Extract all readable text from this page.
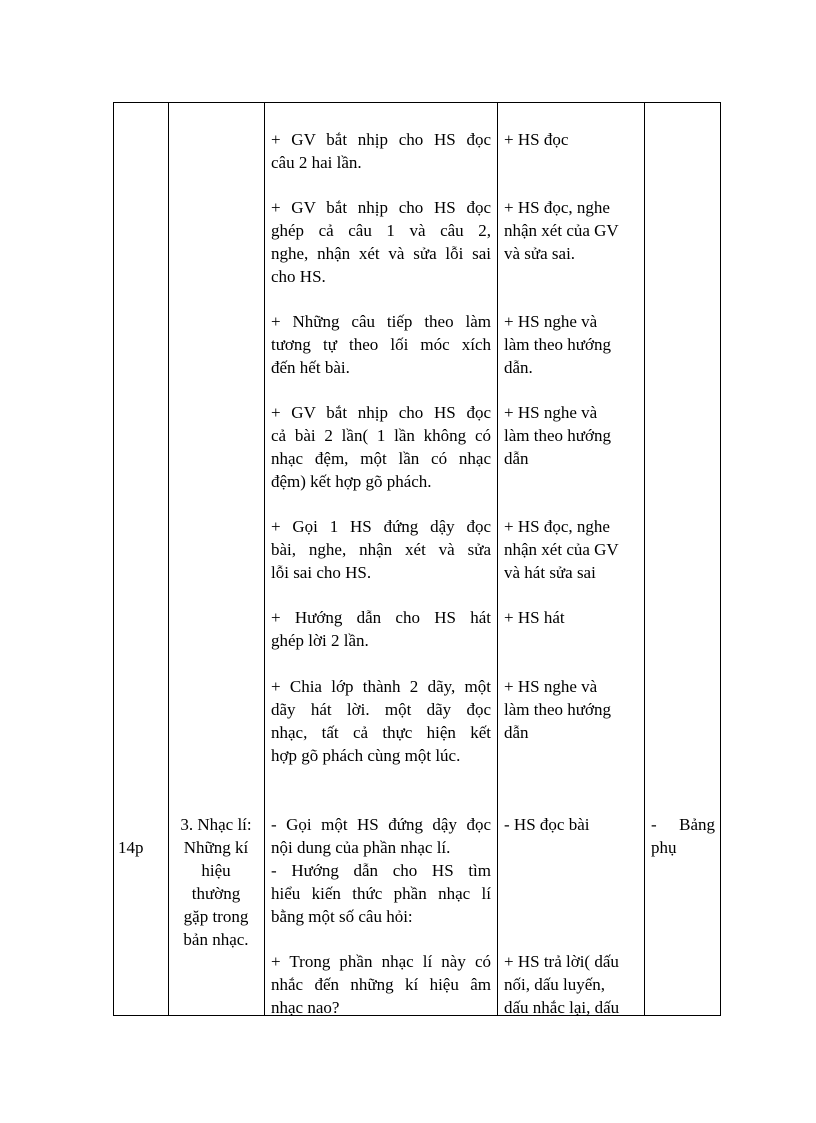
+ GV bắt nhịp cho HS đọc
câu 2 hai lần.
+ GV bắt nhịp cho HS đọc
ghép cả câu 1 và câu 2,
nghe, nhận xét và sửa lỗi sai
cho HS.
+ Những câu tiếp theo làm
tương tự theo lối móc xích
đến hết bài.
+ GV bắt nhịp cho HS đọc
cả bài 2 lần( 1 lần không có
nhạc đệm, một lần có nhạc
đệm) kết hợp gõ phách.
+ Gọi 1 HS đứng dậy đọc
bài, nghe, nhận xét và sửa
lỗi sai cho HS.
+ Hướng dẫn cho HS hát
ghép lời 2 lần.
+ Chia lớp thành 2 dãy, một
dãy hát lời. một dãy đọc
nhạc, tất cả thực hiện kết
hợp gõ phách cùng một lúc.
+ HS đọc
+ HS đọc, nghe
nhận xét của GV
và sửa sai.
+ HS nghe và
làm theo hướng
dẫn.
+ HS nghe và
làm theo hướng
dẫn
+ HS đọc, nghe
nhận xét của GV
và hát sửa sai
+ HS hát
+ HS nghe và
làm theo hướng
dẫn
14p
3. Nhạc lí:
Những kí
hiệu
thường
gặp trong
bản nhạc.
- Gọi một HS đứng dậy đọc
nội dung của phần nhạc lí.
- Hướng dẫn cho HS tìm
hiểu kiến thức phần nhạc lí
bằng một số câu hỏi:
+ Trong phần nhạc lí này có
nhắc đến những kí hiệu âm
nhạc nao?
- HS đọc bài
+ HS trả lời( dấu
nối, dấu luyến,
dấu nhắc lại, dấu
- Bảng
phụ
